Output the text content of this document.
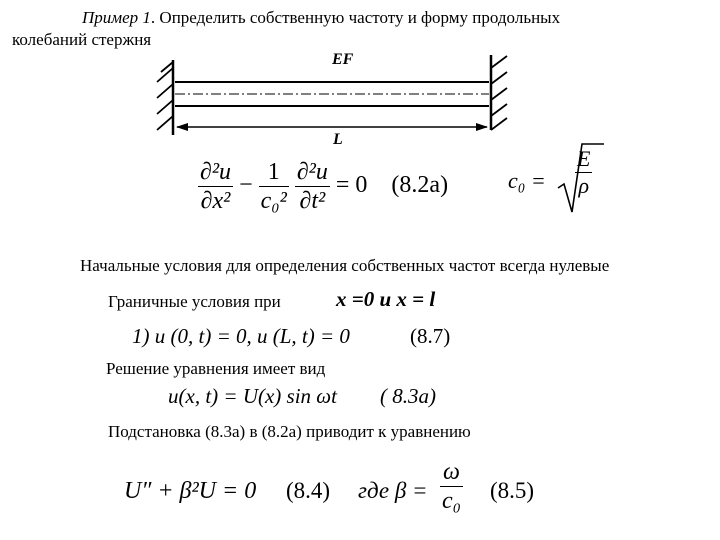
Пример 1. Определить собственную частоту и форму продольных
колебаний стержня
EF
L
$\frac{\text{∂²u}}{\text{∂x²}} - \frac{1}{\text{c₀²}}$
$\frac{\text{∂²u}}{\text{∂t²}} = 0$ (8.2a)	$c_0 = \frac{E}{\rho}$
Начальные условия для определения собственных частот всегда нулевые
Граничные условия при	x =0 и x = l
1) u (0, t) = 0, u (L, t) = 0	(8.7)
Решение уравнения имеет вид
u(x, t) = U(x) sin ωt ( 8.3a)
Подстановка (8.3а) в (8.2а) приводит к уравнению
U″ + β²U = 0 (8.4) где $\beta = \frac{\omega}{\text{c₀}} (8.5)$
